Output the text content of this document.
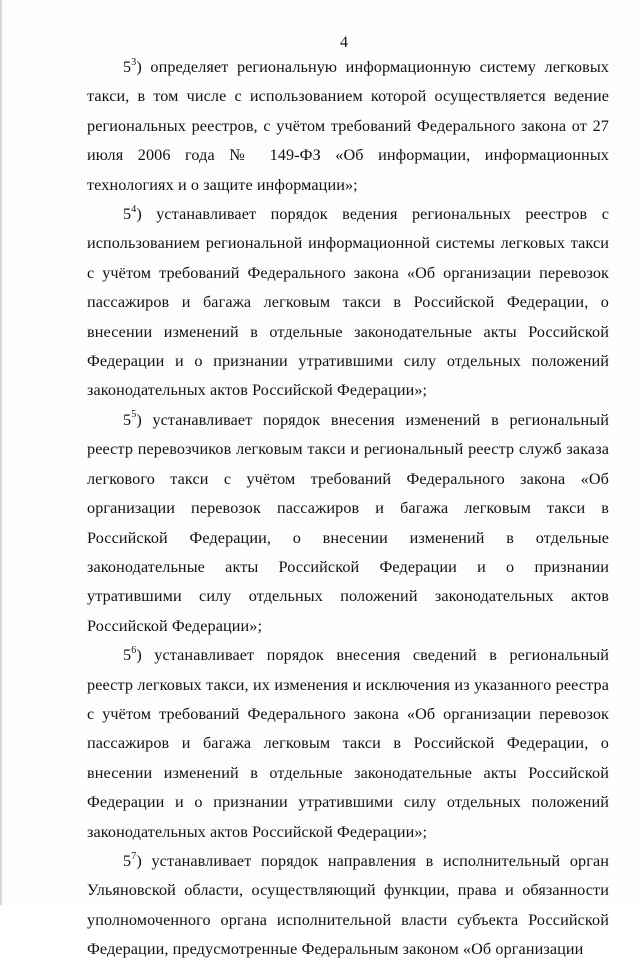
4

$5^3$) определяет региональную информационную систему легковых такси, в том числе с использованием которой осуществляется ведение региональных реестров, с учётом требований Федерального закона от 27 июля 2006 года № 149-ФЗ «Об информации, информационных технологиях и о защите информации»;

$5^4$) устанавливает порядок ведения региональных реестров с использованием региональной информационной системы легковых такси с учётом требований Федерального закона «Об организации перевозок пассажиров и багажа легковым такси в Российской Федерации, о внесении изменений в отдельные законодательные акты Российской Федерации и о признании утратившими силу отдельных положений законодательных актов Российской Федерации»;

$5^5$) устанавливает порядок внесения изменений в региональный реестр перевозчиков легковым такси и региональный реестр служб заказа легкового такси с учётом требований Федерального закона «Об организации перевозок пассажиров и багажа легковым такси в Российской Федерации, о внесении изменений в отдельные законодательные акты Российской Федерации и о признании утратившими силу отдельных положений законодательных актов Российской Федерации»;

$5^6$) устанавливает порядок внесения сведений в региональный реестр легковых такси, их изменения и исключения из указанного реестра с учётом требований Федерального закона «Об организации перевозок пассажиров и багажа легковым такси в Российской Федерации, о внесении изменений в отдельные законодательные акты Российской Федерации и о признании утратившими силу отдельных положений законодательных актов Российской Федерации»;

$5^7$) устанавливает порядок направления в исполнительный орган Ульяновской области, осуществляющий функции, права и обязанности уполномоченного органа исполнительной власти субъекта Российской Федерации, предусмотренные Федеральным законом «Об организации
